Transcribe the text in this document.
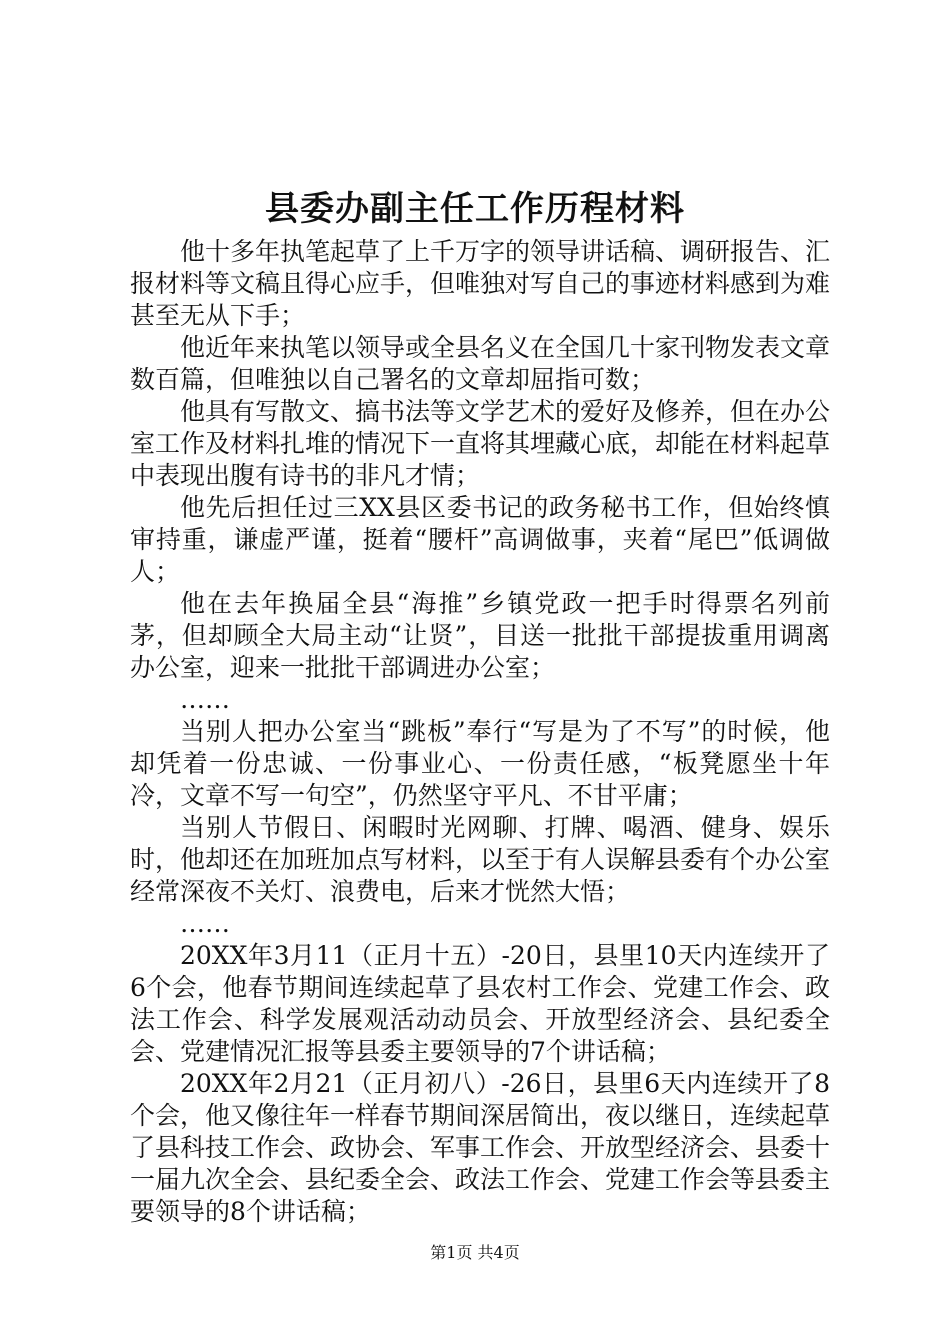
县委办副主任工作历程材料

他十多年执笔起草了上千万字的领导讲话稿、调研报告、汇报材料等文稿且得心应手，但唯独对写自己的事迹材料感到为难甚至无从下手；

他近年来执笔以领导或全县名义在全国几十家刊物发表文章数百篇，但唯独以自己署名的文章却屈指可数；

他具有写散文、搞书法等文学艺术的爱好及修养，但在办公室工作及材料扎堆的情况下一直将其埋藏心底，却能在材料起草中表现出腹有诗书的非凡才情；

他先后担任过三XX县区委书记的政务秘书工作，但始终慎审持重，谦虚严谨，挺着“腰杆”高调做事，夹着“尾巴”低调做人；

他在去年换届全县“海推”乡镇党政一把手时得票名列前茅，但却顾全大局主动“让贤”，目送一批批干部提拔重用调离办公室，迎来一批批干部调进办公室；

……

当别人把办公室当“跳板”奉行“写是为了不写”的时候，他却凭着一份忠诚、一份事业心、一份责任感，“板凳愿坐十年冷，文章不写一句空”，仍然坚守平凡、不甘平庸；

当别人节假日、闲暇时光网聊、打牌、喝酒、健身、娱乐时，他却还在加班加点写材料，以至于有人误解县委有个办公室经常深夜不关灯、浪费电，后来才恍然大悟；

……

20XX年3月11（正月十五）-20日，县里10天内连续开了6个会，他春节期间连续起草了县农村工作会、党建工作会、政法工作会、科学发展观活动动员会、开放型经济会、县纪委全会、党建情况汇报等县委主要领导的7个讲话稿；

20XX年2月21（正月初八）-26日，县里6天内连续开了8个会，他又像往年一样春节期间深居简出，夜以继日，连续起草了县科技工作会、政协会、军事工作会、开放型经济会、县委十一届九次全会、县纪委全会、政法工作会、党建工作会等县委主要领导的8个讲话稿；

第1页 共4页
